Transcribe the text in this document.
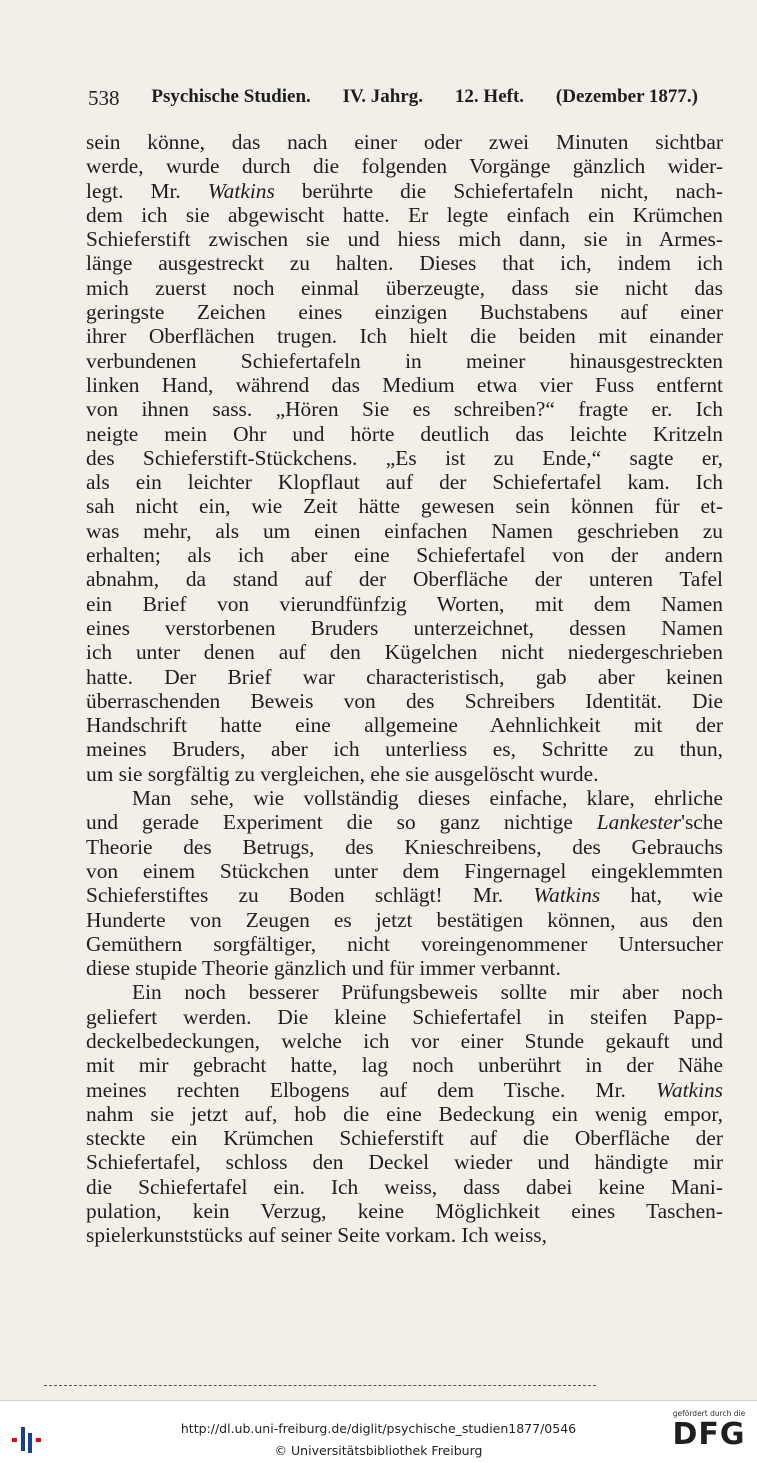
538 Psychische Studien. IV. Jahrg. 12. Heft. (Dezember 1877.)
sein könne, das nach einer oder zwei Minuten sichtbar
werde, wurde durch die folgenden Vorgänge gänzlich wider-
legt. Mr. Watkins berührte die Schiefertafeln nicht, nach-
dem ich sie abgewischt hatte. Er legte einfach ein Krümchen
Schieferstift zwischen sie und hiess mich dann, sie in Armes-
länge ausgestreckt zu halten. Dieses that ich, indem ich
mich zuerst noch einmal überzeugte, dass sie nicht das
geringste Zeichen eines einzigen Buchstabens auf einer
ihrer Oberflächen trugen. Ich hielt die beiden mit einander
verbundenen Schiefertafeln in meiner hinausgestreckten
linken Hand, während das Medium etwa vier Fuss entfernt
von ihnen sass. „Hören Sie es schreiben?“ fragte er. Ich
neigte mein Ohr und hörte deutlich das leichte Kritzeln
des Schieferstift-Stückchens. „Es ist zu Ende,“ sagte er,
als ein leichter Klopflaut auf der Schiefertafel kam. Ich
sah nicht ein, wie Zeit hätte gewesen sein können für et-
was mehr, als um einen einfachen Namen geschrieben zu
erhalten; als ich aber eine Schiefertafel von der andern
abnahm, da stand auf der Oberfläche der unteren Tafel
ein Brief von vierundfünfzig Worten, mit dem Namen
eines verstorbenen Bruders unterzeichnet, dessen Namen
ich unter denen auf den Kügelchen nicht niedergeschrieben
hatte. Der Brief war characteristisch, gab aber keinen
überraschenden Beweis von des Schreibers Identität. Die
Handschrift hatte eine allgemeine Aehnlichkeit mit der
meines Bruders, aber ich unterliess es, Schritte zu thun,
um sie sorgfältig zu vergleichen, ehe sie ausgelöscht wurde.
Man sehe, wie vollständig dieses einfache, klare, ehrliche
und gerade Experiment die so ganz nichtige Lankester'sche
Theorie des Betrugs, des Knieschreibens, des Gebrauchs
von einem Stückchen unter dem Fingernagel eingeklemmten
Schieferstiftes zu Boden schlägt! Mr. Watkins hat, wie
Hunderte von Zeugen es jetzt bestätigen können, aus den
Gemüthern sorgfältiger, nicht voreingenommener Untersucher
diese stupide Theorie gänzlich und für immer verbannt.
Ein noch besserer Prüfungsbeweis sollte mir aber noch
geliefert werden. Die kleine Schiefertafel in steifen Papp-
deckelbedeckungen, welche ich vor einer Stunde gekauft und
mit mir gebracht hatte, lag noch unberührt in der Nähe
meines rechten Elbogens auf dem Tische. Mr. Watkins
nahm sie jetzt auf, hob die eine Bedeckung ein wenig empor,
steckte ein Krümchen Schieferstift auf die Oberfläche der
Schiefertafel, schloss den Deckel wieder und händigte mir
die Schiefertafel ein. Ich weiss, dass dabei keine Mani-
pulation, kein Verzug, keine Möglichkeit eines Taschen-
spielerkunststücks auf seiner Seite vorkam. Ich weiss,
http://dl.ub.uni-freiburg.de/diglit/psychische_studien1877/0546
© Universitätsbibliothek Freiburg
gefördert durch die
DFG
